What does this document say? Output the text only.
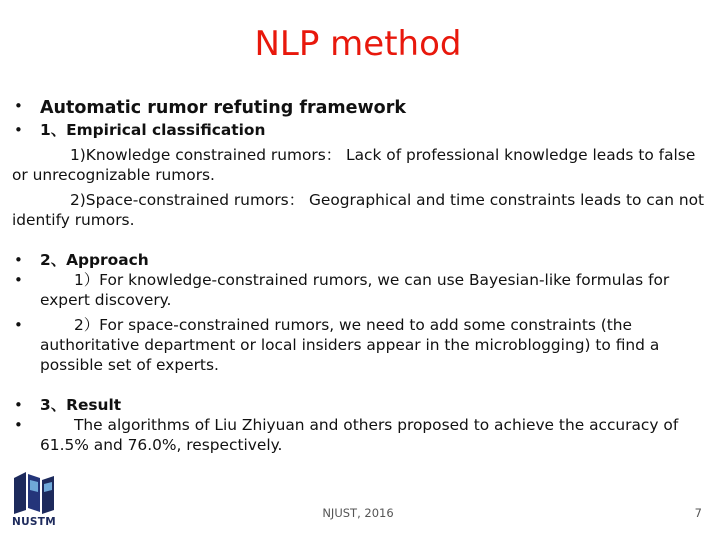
NLP method
• Automatic rumor refuting framework
•	1、Empirical classification
1)Knowledge constrained rumors： Lack of professional knowledge leads to false or unrecognizable rumors.
2)Space-constrained rumors： Geographical and time constraints leads to can not identify rumors.
•	2、Approach
•	1）For knowledge-constrained rumors, we can use Bayesian-like formulas for expert discovery.
•	2）For space-constrained rumors, we need to add some constraints (the authoritative department or local insiders appear in the microblogging) to find a possible set of experts.
•	3、Result
•	The algorithms of Liu Zhiyuan and others proposed to achieve the accuracy of 61.5% and 76.0%, respectively.
NUSTM
NJUST, 2016	7
